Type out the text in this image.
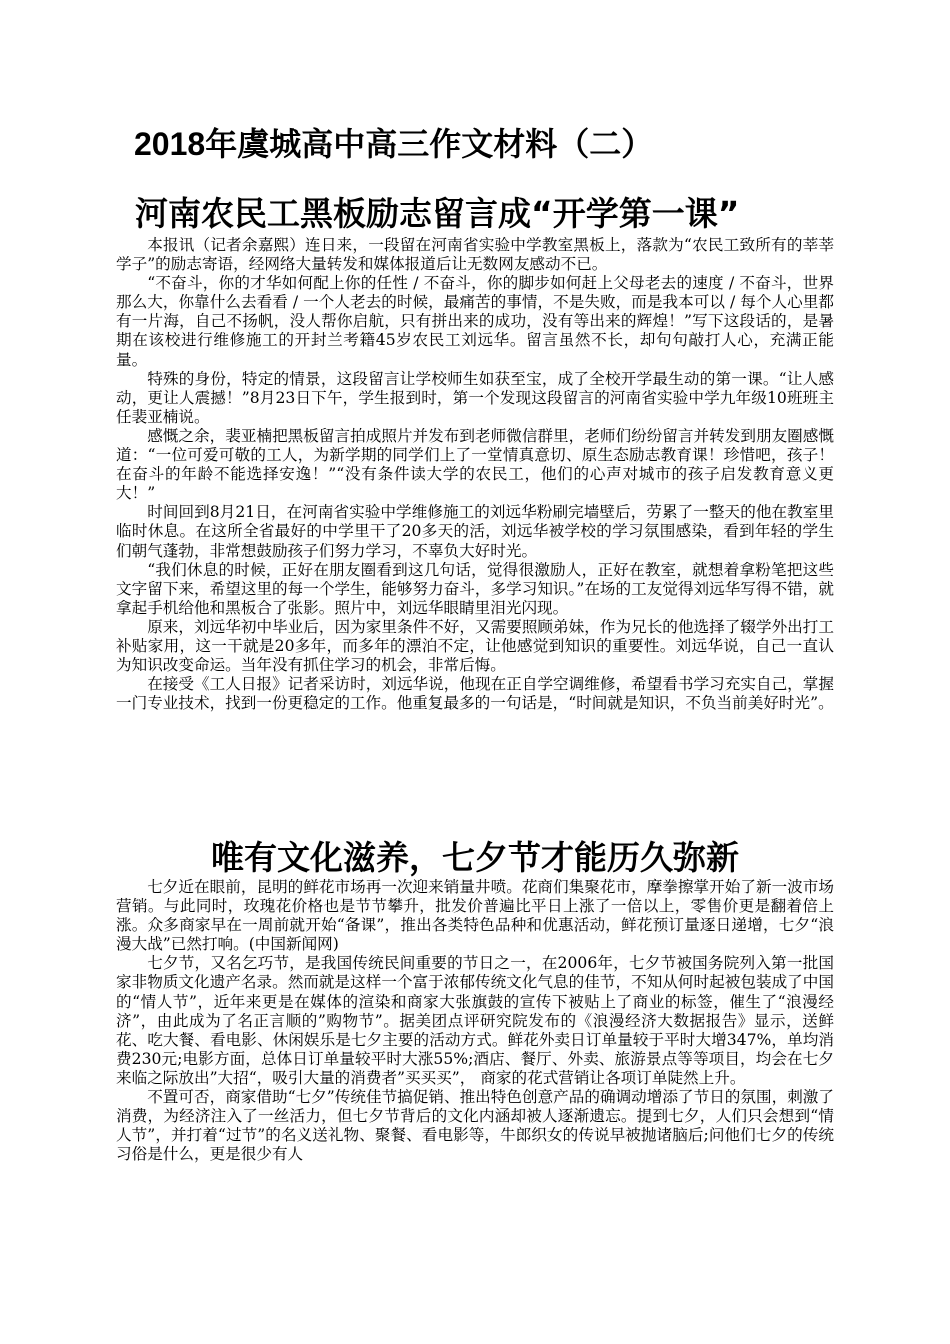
2018年虞城高中高三作文材料（二）
河南农民工黑板励志留言成“开学第一课”

本报讯（记者余嘉熙）连日来，一段留在河南省实验中学教室黑板上，落款为“农民工致所有的莘莘学子”的励志寄语，经网络大量转发和媒体报道后让无数网友感动不已。

“不奋斗，你的才华如何配上你的任性 / 不奋斗，你的脚步如何赶上父母老去的速度 / 不奋斗，世界那么大，你靠什么去看看 / 一个人老去的时候，最痛苦的事情，不是失败，而是我本可以 / 每个人心里都有一片海，自己不扬帆，没人帮你启航，只有拼出来的成功，没有等出来的辉煌！”写下这段话的，是暑期在该校进行维修施工的开封兰考籍45岁农民工刘远华。留言虽然不长，却句句敲打人心，充满正能量。

特殊的身份，特定的情景，这段留言让学校师生如获至宝，成了全校开学最生动的第一课。“让人感动，更让人震撼！”8月23日下午，学生报到时，第一个发现这段留言的河南省实验中学九年级10班班主任裴亚楠说。

感慨之余，裴亚楠把黑板留言拍成照片并发布到老师微信群里，老师们纷纷留言并转发到朋友圈感慨道：“一位可爱可敬的工人，为新学期的同学们上了一堂情真意切、原生态励志教育课！珍惜吧，孩子！在奋斗的年龄不能选择安逸！”“没有条件读大学的农民工，他们的心声对城市的孩子启发教育意义更大！”

时间回到8月21日，在河南省实验中学维修施工的刘远华粉刷完墙壁后，劳累了一整天的他在教室里临时休息。在这所全省最好的中学里干了20多天的活，刘远华被学校的学习氛围感染，看到年轻的学生们朝气蓬勃，非常想鼓励孩子们努力学习，不辜负大好时光。

“我们休息的时候，正好在朋友圈看到这几句话，觉得很激励人，正好在教室，就想着拿粉笔把这些文字留下来，希望这里的每一个学生，能够努力奋斗，多学习知识。”在场的工友觉得刘远华写得不错，就拿起手机给他和黑板合了张影。照片中，刘远华眼睛里泪光闪现。

原来，刘远华初中毕业后，因为家里条件不好，又需要照顾弟妹，作为兄长的他选择了辍学外出打工补贴家用，这一干就是20多年，而多年的漂泊不定，让他感觉到知识的重要性。刘远华说，自己一直认为知识改变命运。当年没有抓住学习的机会，非常后悔。

在接受《工人日报》记者采访时，刘远华说，他现在正自学空调维修，希望看书学习充实自己，掌握一门专业技术，找到一份更稳定的工作。他重复最多的一句话是，“时间就是知识，不负当前美好时光”。

唯有文化滋养，七夕节才能历久弥新

七夕近在眼前，昆明的鲜花市场再一次迎来销量井喷。花商们集聚花市，摩拳擦掌开始了新一波市场营销。与此同时，玫瑰花价格也是节节攀升，批发价普遍比平日上涨了一倍以上，零售价更是翻着倍上涨。众多商家早在一周前就开始“备课”，推出各类特色品种和优惠活动，鲜花预订量逐日递增，七夕“浪漫大战”已然打响。(中国新闻网)

七夕节，又名乞巧节，是我国传统民间重要的节日之一，在2006年，七夕节被国务院列入第一批国家非物质文化遗产名录。然而就是这样一个富于浓郁传统文化气息的佳节，不知从何时起被包装成了中国的“情人节”，近年来更是在媒体的渲染和商家大张旗鼓的宣传下被贴上了商业的标签，催生了“浪漫经济”，由此成为了名正言顺的”购物节”。据美团点评研究院发布的《浪漫经济大数据报告》显示，送鲜花、吃大餐、看电影、休闲娱乐是七夕主要的活动方式。鲜花外卖日订单量较于平时大增347%，单均消费230元;电影方面，总体日订单量较平时大涨55%;酒店、餐厅、外卖、旅游景点等等项目，均会在七夕来临之际放出”大招“，吸引大量的消费者”买买买”， 商家的花式营销让各项订单陡然上升。

不置可否，商家借助“七夕”传统佳节搞促销、推出特色创意产品的确调动增添了节日的氛围，刺激了消费，为经济注入了一丝活力，但七夕节背后的文化内涵却被人逐渐遗忘。提到七夕，人们只会想到“情人节”，并打着“过节”的名义送礼物、聚餐、看电影等，牛郎织女的传说早被抛诸脑后;问他们七夕的传统习俗是什么，更是很少有人
